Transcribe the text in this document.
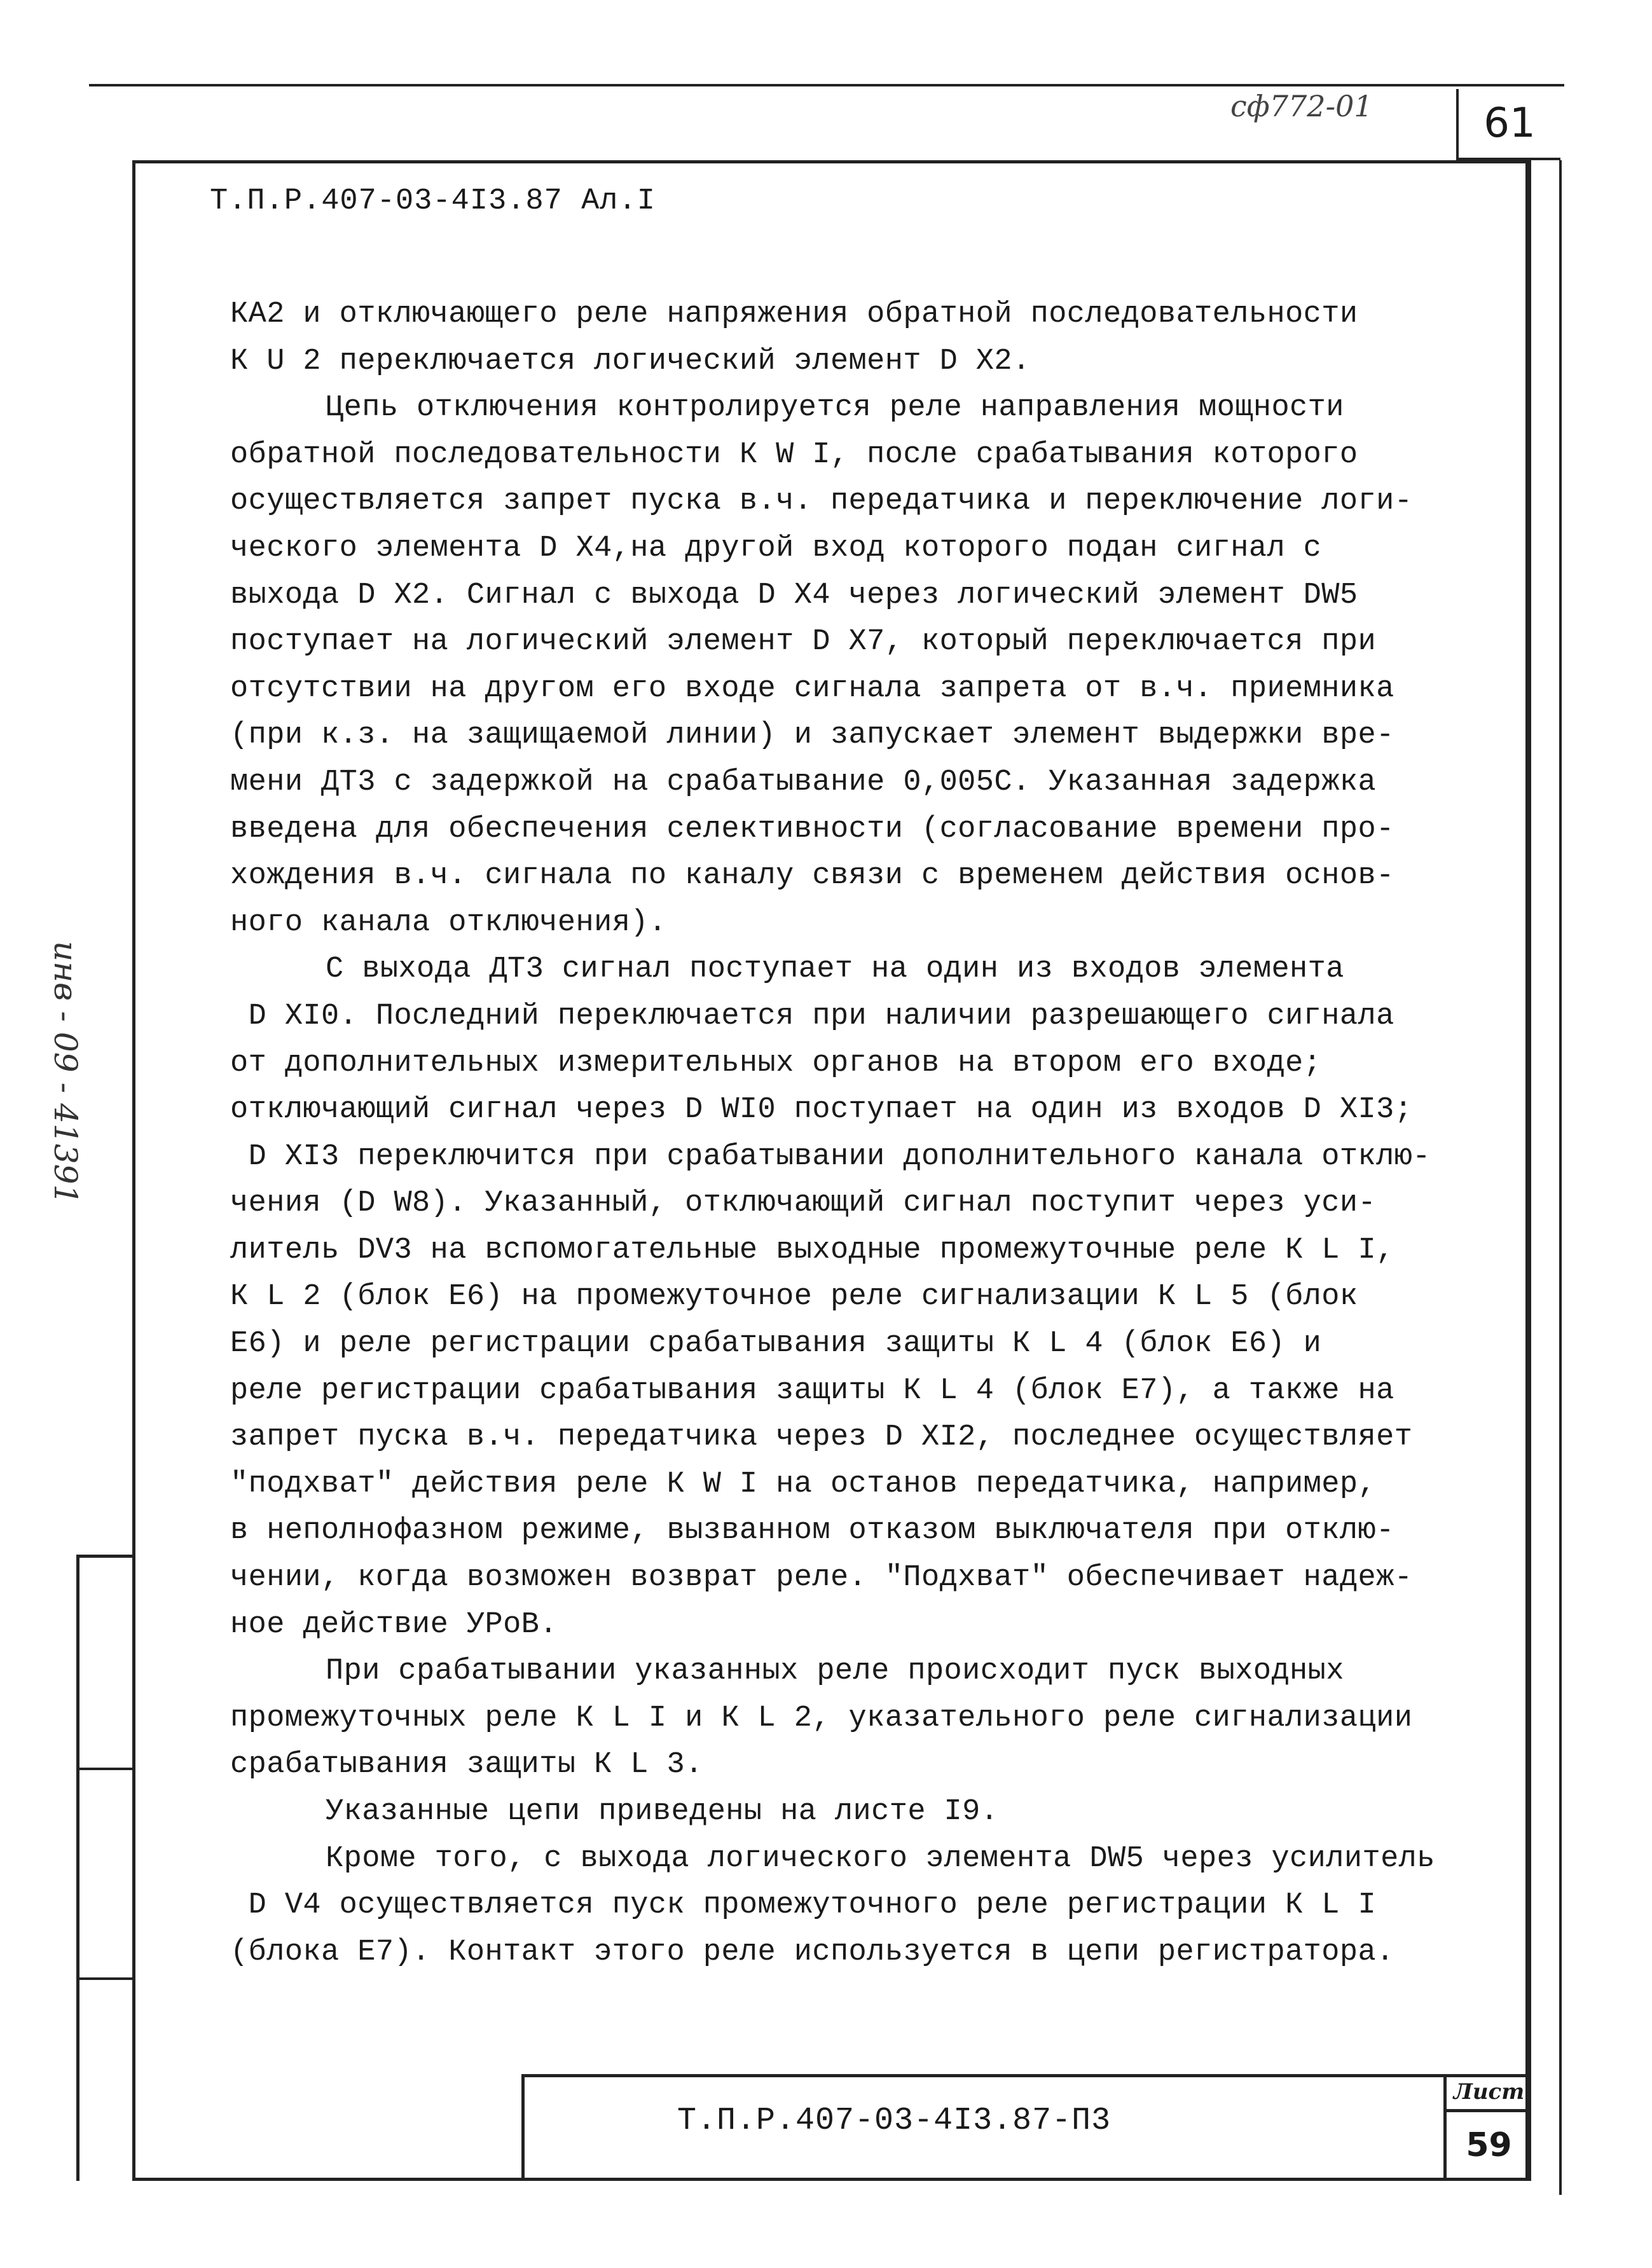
сф772-01	61
Т.П.Р.407-03-4I3.87 Ал.I
КА2 и отключающего реле напряжения обратной последовательности
К U 2 переключается логический элемент D X2.
Цепь отключения контролируется реле направления мощности
обратной последовательности К W I, после срабатывания которого
осуществляется запрет пуска в.ч. передатчика и переключение логи-
ческого элемента D X4,на другой вход которого подан сигнал с
выхода D X2. Сигнал с выхода D X4 через логический элемент DW5
поступает на логический элемент D X7, который переключается при
отсутствии на другом его входе сигнала запрета от в.ч. приемника
(при к.з. на защищаемой линии) и запускает элемент выдержки вре-
мени ДТ3 с задержкой на срабатывание 0,005С. Указанная задержка
введена для обеспечения селективности (согласование времени про-
хождения в.ч. сигнала по каналу связи с временем действия основ-
ного канала отключения).
С выхода ДТ3 сигнал поступает на один из входов элемента
D XI0. Последний переключается при наличии разрешающего сигнала
от дополнительных измерительных органов на втором его входе;
отключающий сигнал через D WI0 поступает на один из входов D XI3;
D XI3 переключится при срабатывании дополнительного канала отклю-
чения (D W8). Указанный, отключающий сигнал поступит через уси-
литель DV3 на вспомогательные выходные промежуточные реле К L I,
К L 2 (блок Е6) на промежуточное реле сигнализации К L 5 (блок
Е6) и реле регистрации срабатывания защиты К L 4 (блок Е6) и
реле регистрации срабатывания защиты К L 4 (блок Е7), а также на
запрет пуска в.ч. передатчика через D XI2, последнее осуществляет
"подхват" действия реле К W I на останов передатчика, например,
в неполнофазном режиме, вызванном отказом выключателя при отклю-
чении, когда возможен возврат реле. "Подхват" обеспечивает надеж-
ное действие УРоВ.
При срабатывании указанных реле происходит пуск выходных
промежуточных реле К L I и К L 2, указательного реле сигнализации
срабатывания защиты К L 3.
Указанные цепи приведены на листе I9.
Кроме того, с выхода логического элемента DW5 через усилитель
D V4 осуществляется пуск промежуточного реле регистрации К L I
(блока Е7). Контакт этого реле используется в цепи регистратора.
инв - 09 - 41391
Т.П.Р.407-03-4I3.87-П3
Лист
59
